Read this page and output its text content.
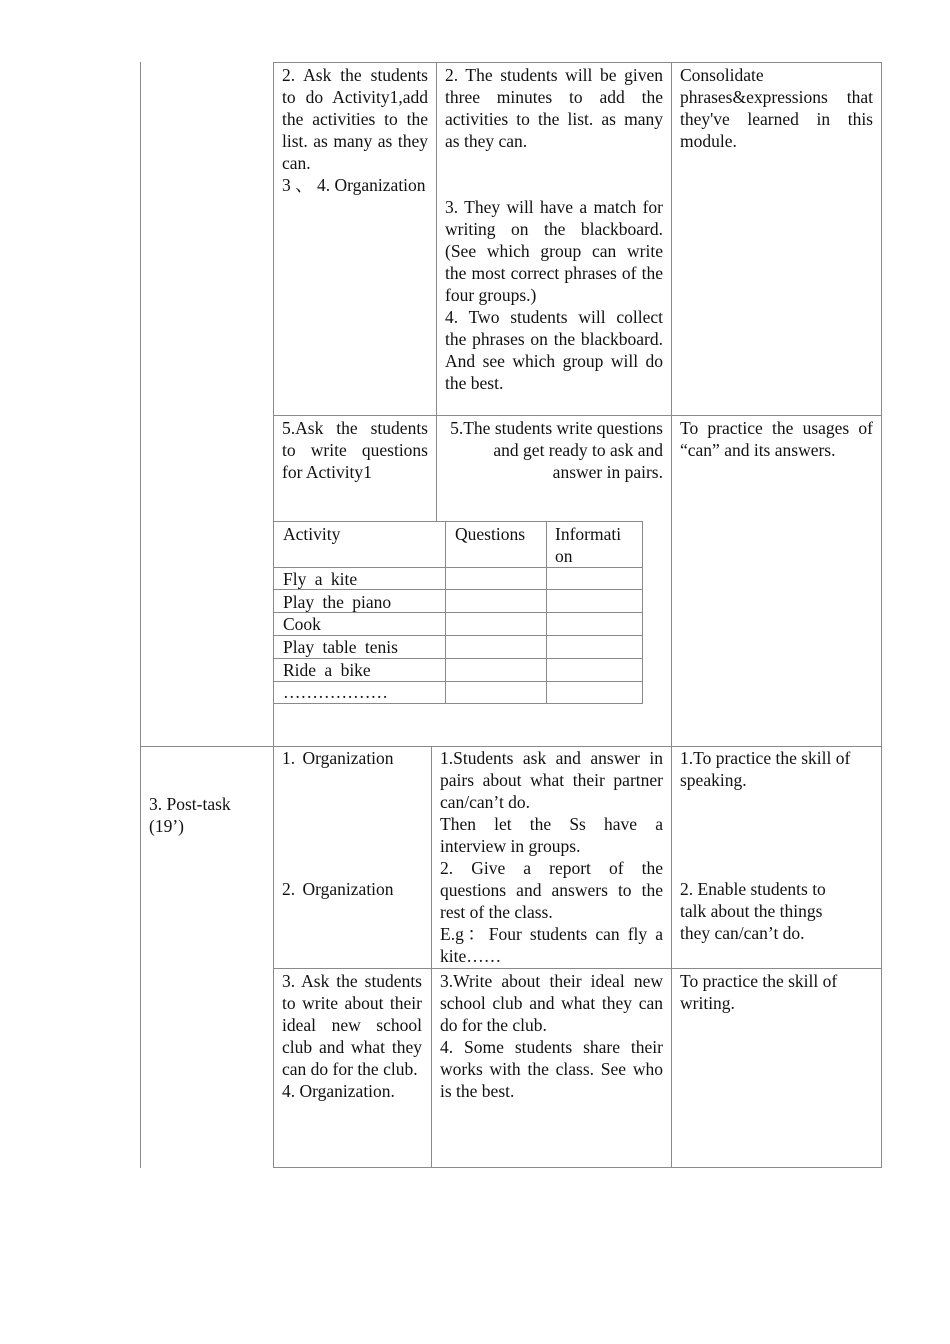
2. Ask the students to do Activity1,add the activities to the list. as many as they can.

3 、 4. Organization

2. The students will be given three minutes to add the activities to the list. as many as they can.

3. They will have a match for writing on the blackboard. (See which group can write the most correct phrases of the four groups.)

4. Two students will collect the phrases on the blackboard. And see which group will do the best.

Consolidate phrases&expressions that they've learned in this module.

5.Ask the students to write questions for Activity1

5.The students write questions and get ready to ask and answer in pairs.

To practice the usages of “can” and its answers.

Activity	Questions Informati on
Fly a kite
Play the piano
Cook
Play table tenis
Ride a bike
………………

3. Post-task (19’)

1. Organization

2. Organization

1.Students ask and answer in pairs about what their partner can/can’t do.

Then let the Ss have a interview in groups.

2. Give a report of the questions and answers to the rest of the class.

E.g：Four students can fly a kite……

1.To practice the skill of speaking.

2. Enable students to talk about the things they can/can’t do.

3. Ask the students to write about their ideal new school club and what they can do for the club.

4. Organization.

3.Write about their ideal new school club and what they can do for the club.

4. Some students share their works with the class. See who is the best.

To practice the skill of writing.
